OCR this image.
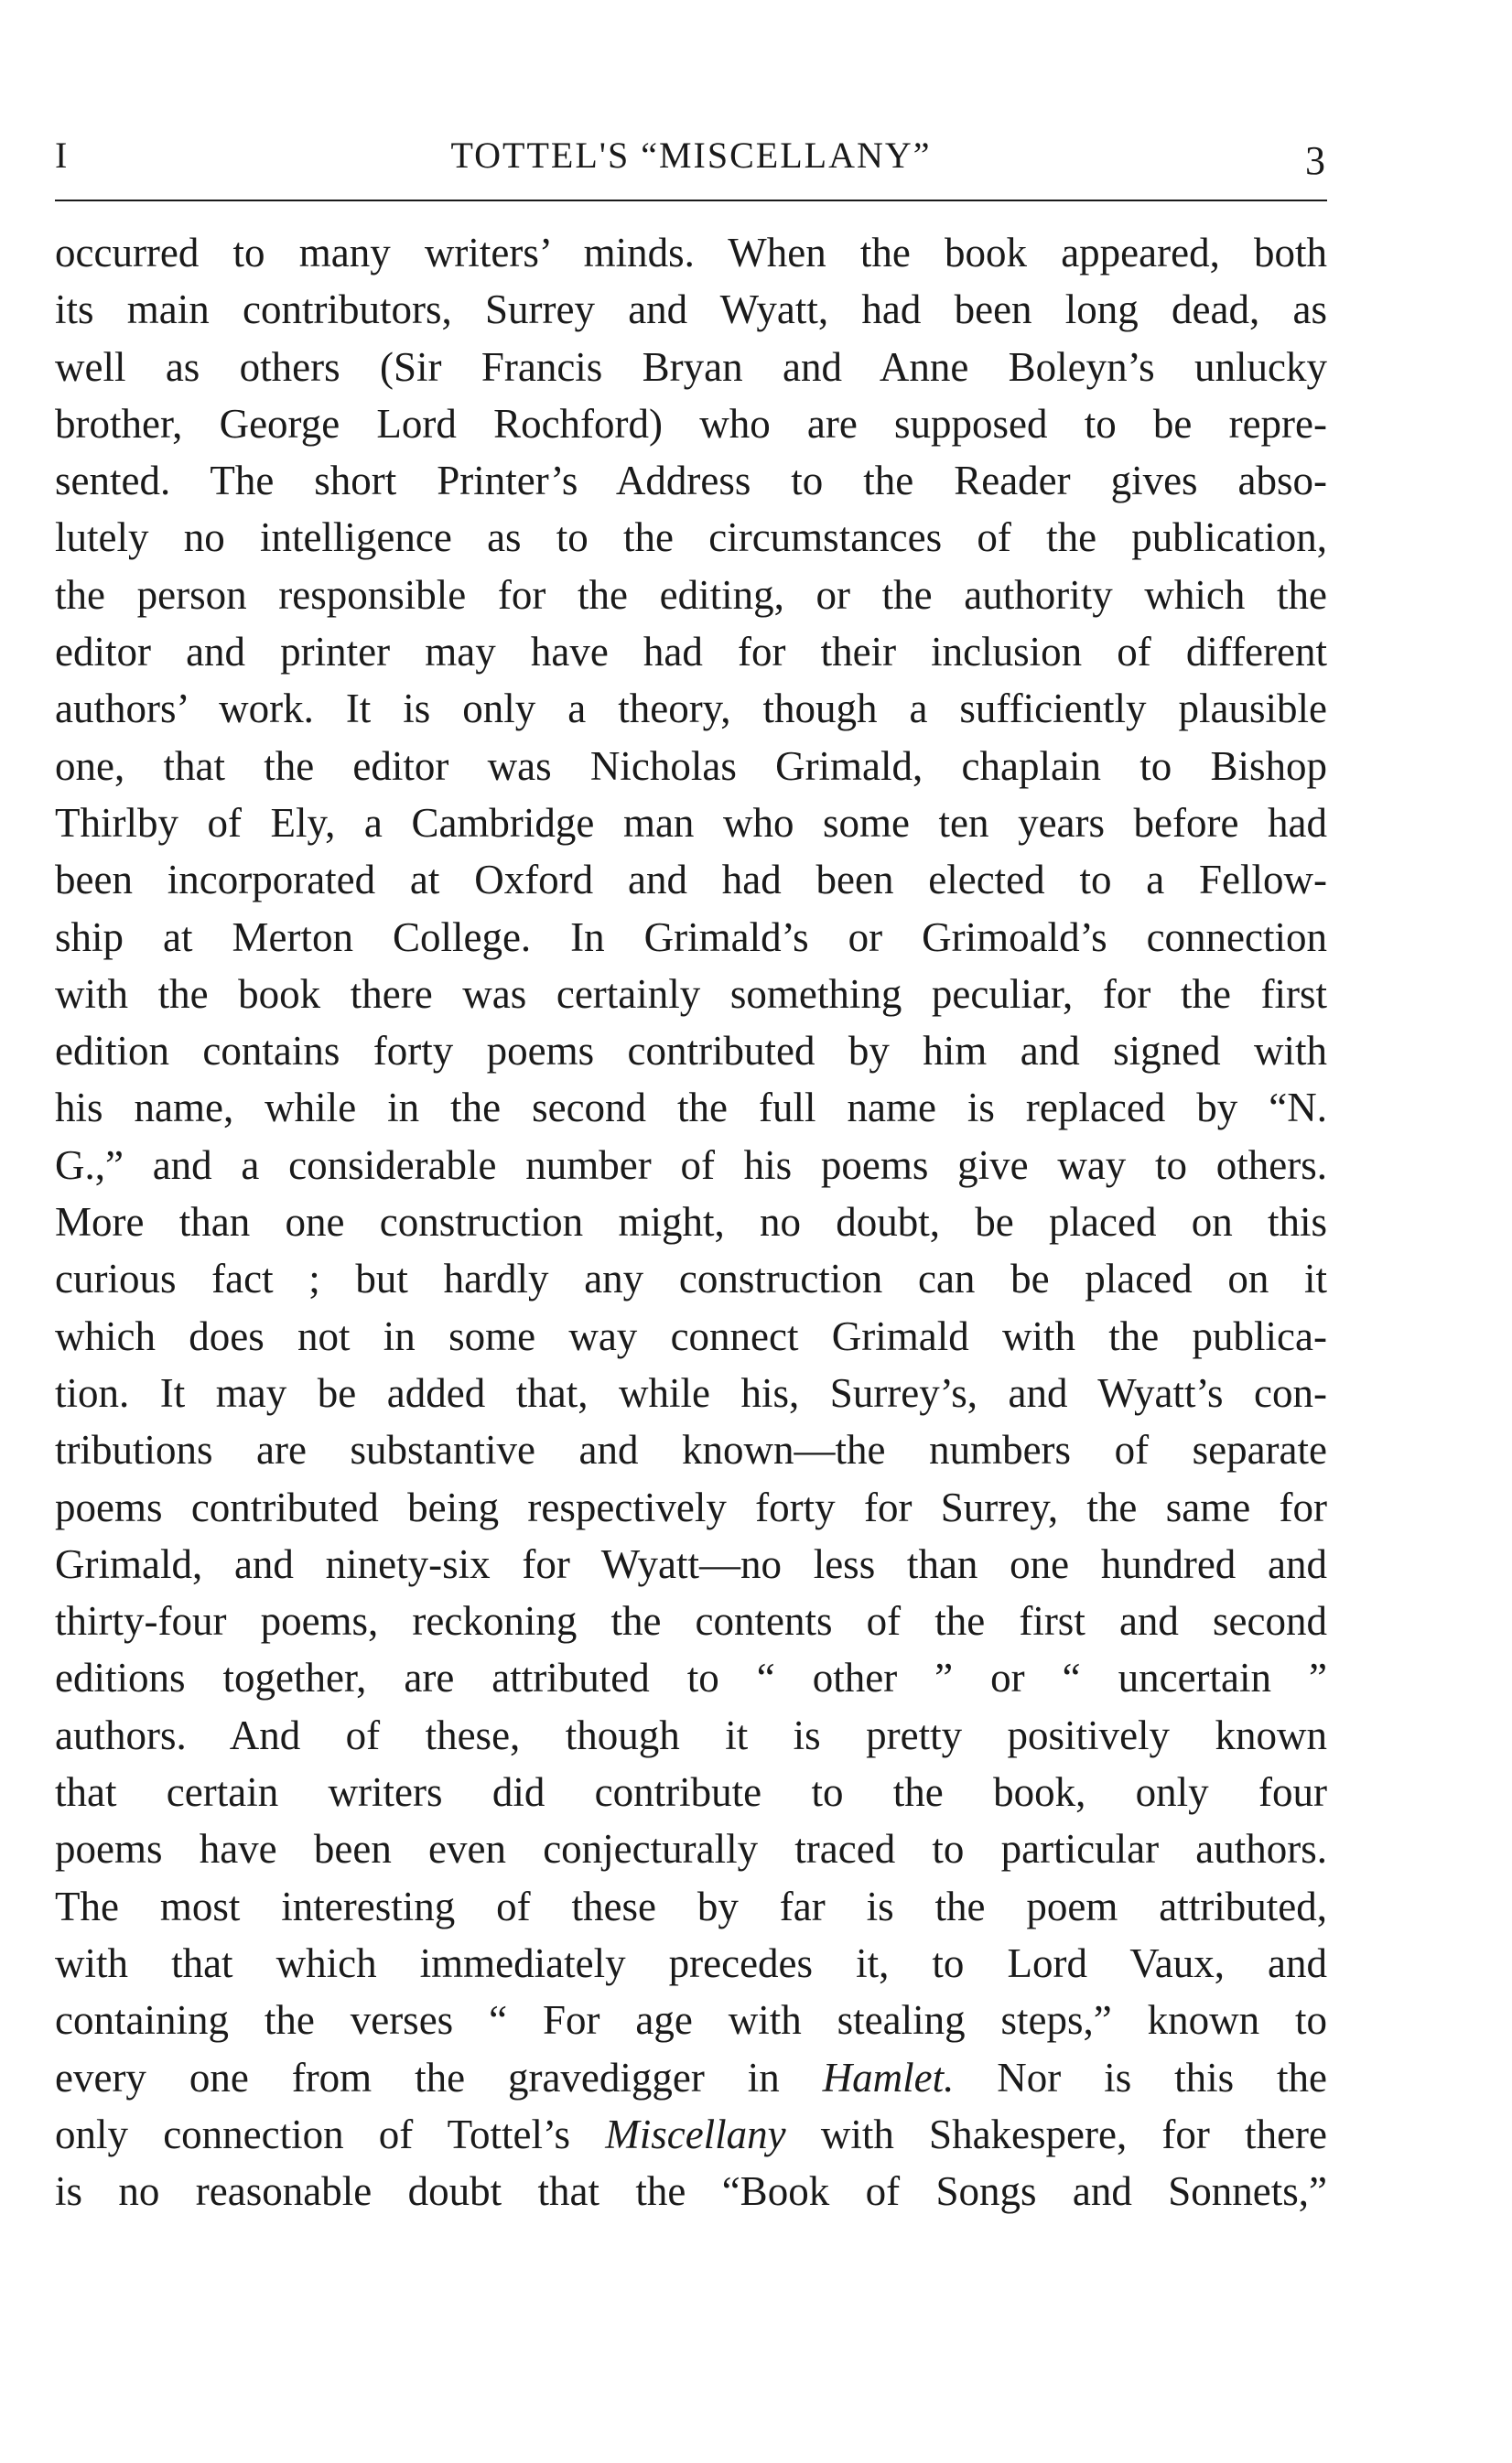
I	TOTTEL'S “MISCELLANY”	3
occurred to many writers’ minds. When the book appeared, both
its main contributors, Surrey and Wyatt, had been long dead, as
well as others (Sir Francis Bryan and Anne Boleyn’s unlucky
brother, George Lord Rochford) who are supposed to be repre-
sented. The short Printer’s Address to the Reader gives abso-
lutely no intelligence as to the circumstances of the publication,
the person responsible for the editing, or the authority which the
editor and printer may have had for their inclusion of different
authors’ work. It is only a theory, though a sufficiently plausible
one, that the editor was Nicholas Grimald, chaplain to Bishop
Thirlby of Ely, a Cambridge man who some ten years before had
been incorporated at Oxford and had been elected to a Fellow-
ship at Merton College. In Grimald’s or Grimoald’s connection
with the book there was certainly something peculiar, for the first
edition contains forty poems contributed by him and signed with
his name, while in the second the full name is replaced by “N.
G.,” and a considerable number of his poems give way to others.
More than one construction might, no doubt, be placed on this
curious fact ; but hardly any construction can be placed on it
which does not in some way connect Grimald with the publica-
tion. It may be added that, while his, Surrey’s, and Wyatt’s con-
tributions are substantive and known—the numbers of separate
poems contributed being respectively forty for Surrey, the same for
Grimald, and ninety-six for Wyatt—no less than one hundred and
thirty-four poems, reckoning the contents of the first and second
editions together, are attributed to “ other ” or “ uncertain ”
authors. And of these, though it is pretty positively known
that certain writers did contribute to the book, only four
poems have been even conjecturally traced to particular authors.
The most interesting of these by far is the poem attributed,
with that which immediately precedes it, to Lord Vaux, and
containing the verses “ For age with stealing steps,” known to
every one from the gravedigger in Hamlet. Nor is this the
only connection of Tottel’s Miscellany with Shakespere, for there
is no reasonable doubt that the “Book of Songs and Sonnets,”
